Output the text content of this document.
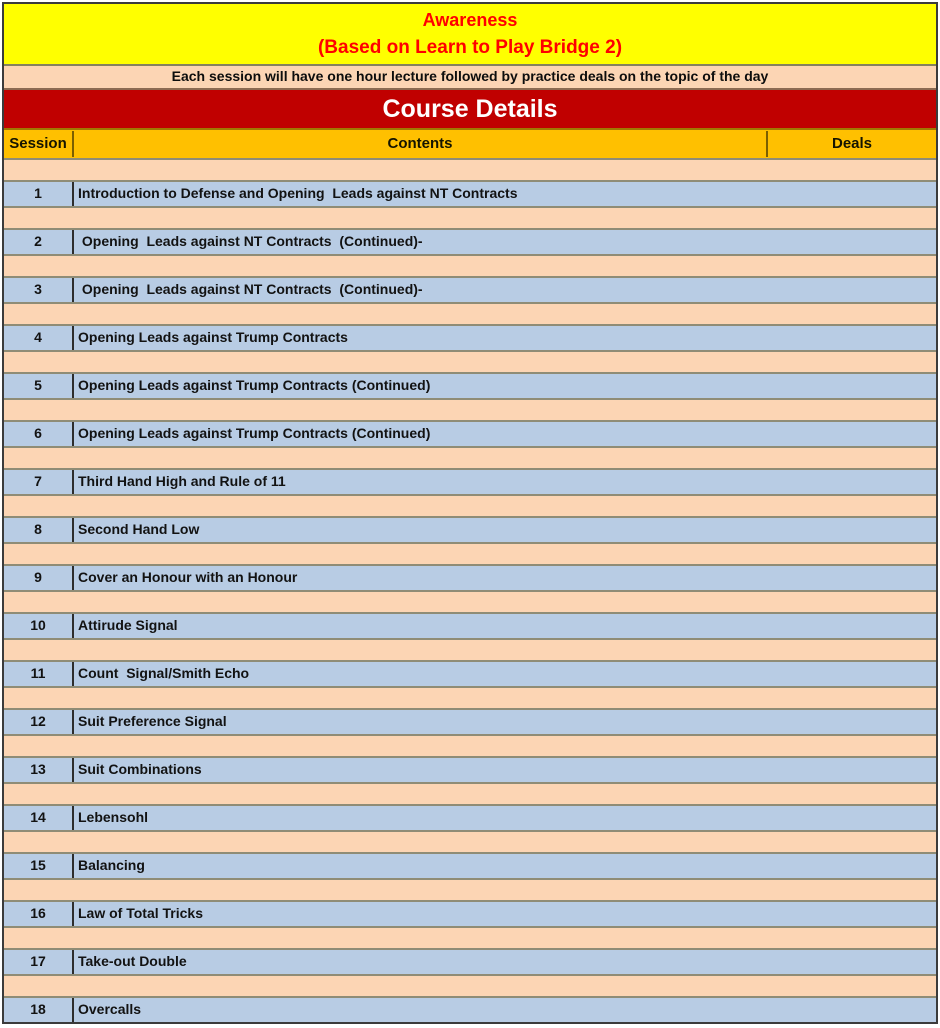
Awareness
(Based on Learn to Play Bridge 2)
Each session will have one hour lecture followed by practice deals on the topic of the day
Course Details
Session	Contents	Deals
1	Introduction to Defense and Opening  Leads against NT Contracts
2	Opening  Leads against NT Contracts  (Continued)-
3	Opening  Leads against NT Contracts  (Continued)-
4	Opening Leads against Trump Contracts
5	Opening Leads against Trump Contracts (Continued)
6	Opening Leads against Trump Contracts (Continued)
7	Third Hand High and Rule of 11
8	Second Hand Low
9	Cover an Honour with an Honour
10	Attirude Signal
11	Count  Signal/Smith Echo
12	Suit Preference Signal
13	Suit Combinations
14	Lebensohl
15	Balancing
16	Law of Total Tricks
17	Take-out Double
18	Overcalls
